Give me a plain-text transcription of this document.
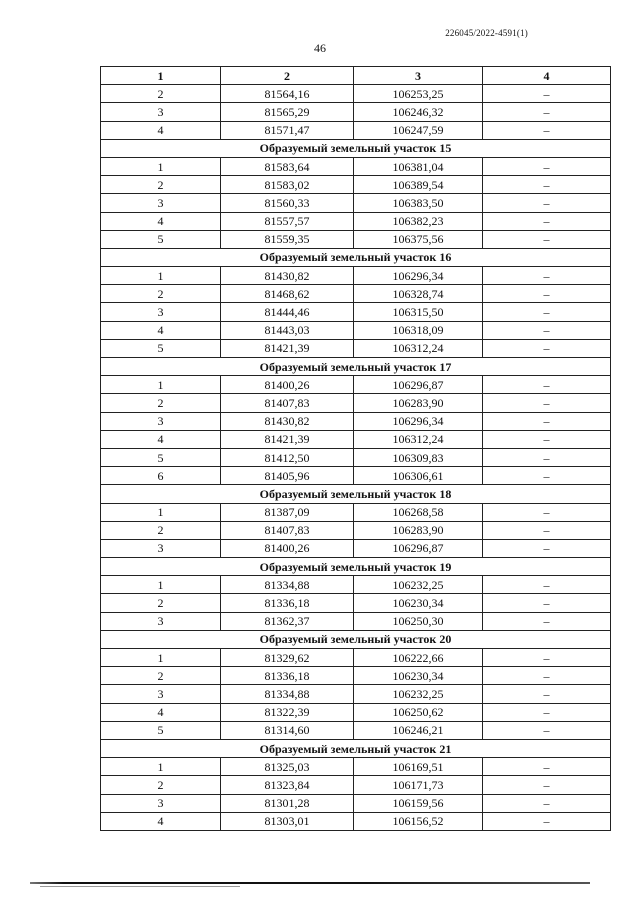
226045/2022-4591(1)
46
1	2	3	4
2	81564,16	106253,25	–
3	81565,29	106246,32	–
4	81571,47	106247,59	–
Образуемый земельный участок 15			
1	81583,64	106381,04	–
2	81583,02	106389,54	–
3	81560,33	106383,50	–
4	81557,57	106382,23	–
5	81559,35	106375,56	–
Образуемый земельный участок 16			
1	81430,82	106296,34	–
2	81468,62	106328,74	–
3	81444,46	106315,50	–
4	81443,03	106318,09	–
5	81421,39	106312,24	–
Образуемый земельный участок 17			
1	81400,26	106296,87	–
2	81407,83	106283,90	–
3	81430,82	106296,34	–
4	81421,39	106312,24	–
5	81412,50	106309,83	–
6	81405,96	106306,61	–
Образуемый земельный участок 18			
1	81387,09	106268,58	–
2	81407,83	106283,90	–
3	81400,26	106296,87	–
Образуемый земельный участок 19			
1	81334,88	106232,25	–
2	81336,18	106230,34	–
3	81362,37	106250,30	–
Образуемый земельный участок 20			
1	81329,62	106222,66	–
2	81336,18	106230,34	–
3	81334,88	106232,25	–
4	81322,39	106250,62	–
5	81314,60	106246,21	–
Образуемый земельный участок 21			
1	81325,03	106169,51	–
2	81323,84	106171,73	–
3	81301,28	106159,56	–
4	81303,01	106156,52	–
